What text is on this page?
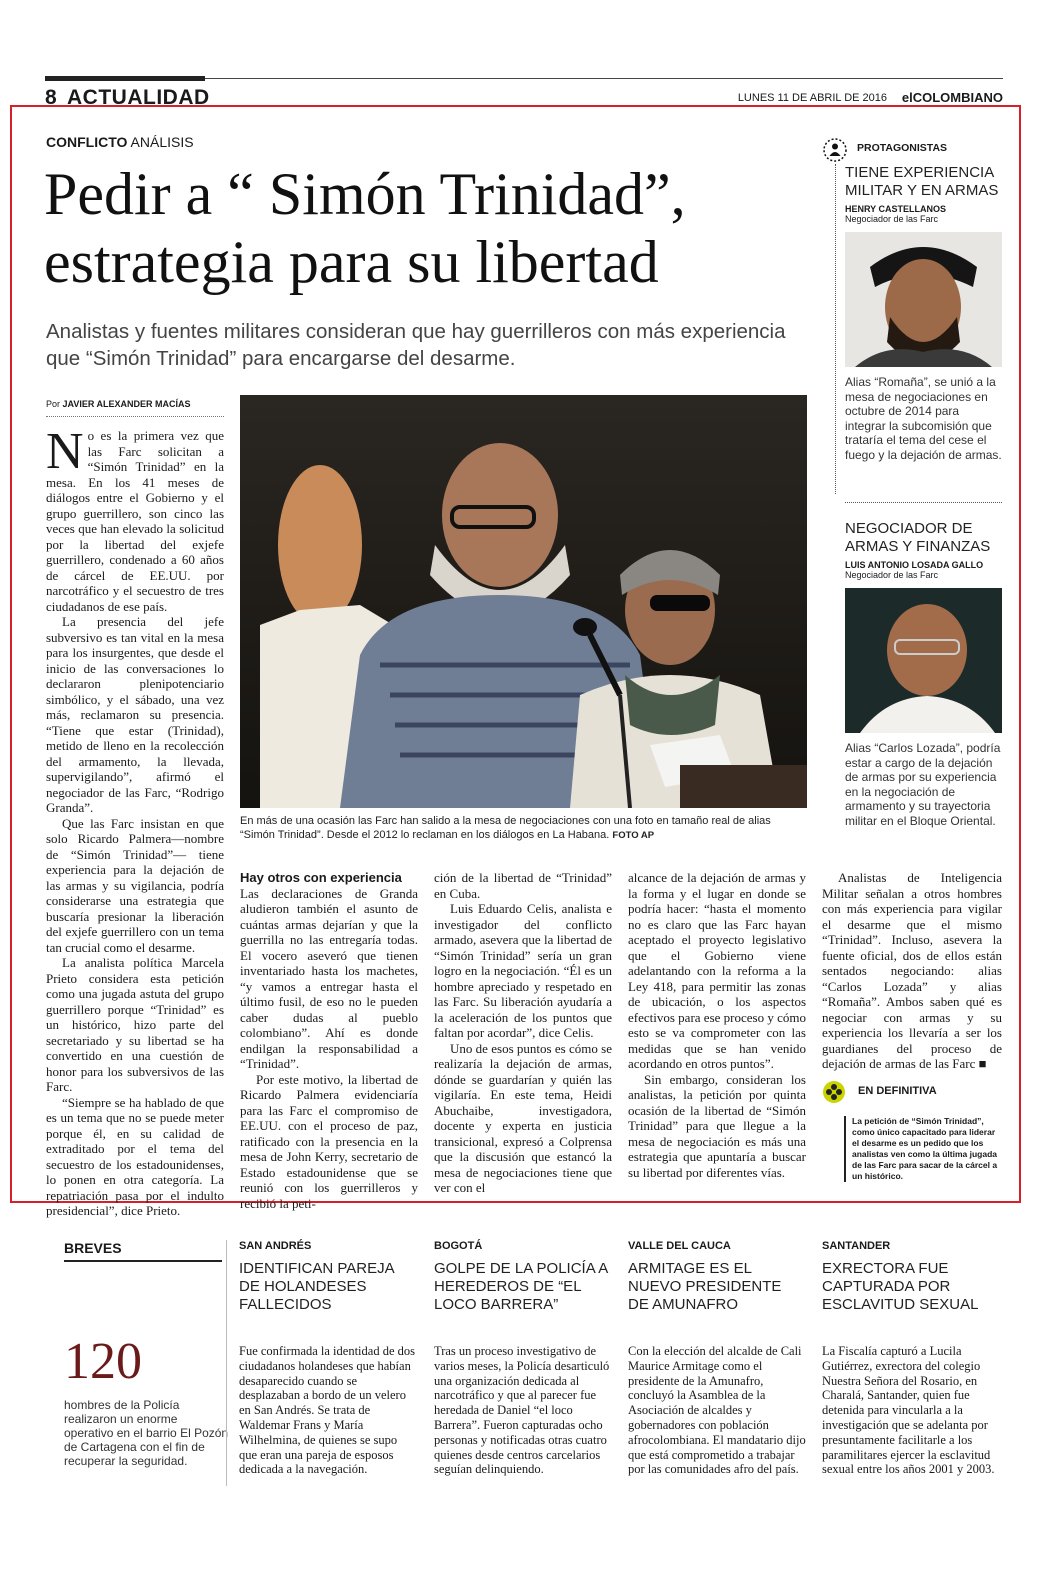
8 ACTUALIDAD	LUNES 11 DE ABRIL DE 2016 elCOLOMBIANO
CONFLICTO ANÁLISIS
Pedir a “ Simón Trinidad”,
estrategia para su libertad

Analistas y fuentes militares consideran que hay guerrilleros con más experiencia que “Simón Trinidad” para encargarse del desarme.

Por JAVIER ALEXANDER MACÍAS
N o es la primera vez que las Farc solicitan a “Simón Trinidad” en la mesa. En los 41 meses de diálogos entre el Gobierno y el grupo guerrillero, son cinco las veces que han elevado la solicitud por la libertad del exjefe guerrillero, condenado a 60 años de cárcel de EE.UU. por narcotráfico y el secuestro de tres ciudadanos de ese país.

La presencia del jefe subversivo es tan vital en la mesa para los insurgentes, que desde el inicio de las conversaciones lo declararon plenipotenciario simbólico, y el sábado, una vez más, reclamaron su presencia. “Tiene que estar (Trinidad), metido de lleno en la recolección del armamento, la llevada, supervigilando”, afirmó el negociador de las Farc, “Rodrigo Granda”.

Que las Farc insistan en que solo Ricardo Palmera—nombre de “Simón Trinidad”— tiene experiencia para la dejación de las armas y su vigilancia, podría considerarse una estrategia que buscaría presionar la liberación del exjefe guerrillero con un tema tan crucial como el desarme.

La analista política Marcela Prieto considera esta petición como una jugada astuta del grupo guerrillero porque “Trinidad” es un histórico, hizo parte del secretariado y su libertad se ha convertido en una cuestión de honor para los subversivos de las Farc.

“Siempre se ha hablado de que es un tema que no se puede meter porque él, en su calidad de extraditado por el tema del secuestro de los estadounidenses, lo ponen en otra categoría. La repatriación pasa por el indulto presidencial”, dice Prieto.

En más de una ocasión las Farc han salido a la mesa de negociaciones con una foto en tamaño real de alias “Simón Trinidad”. Desde el 2012 lo reclaman en los diálogos en La Habana. FOTO AP

Hay otros con experiencia

Las declaraciones de Granda aludieron también el asunto de cuántas armas dejarían y que la guerrilla no las entregaría todas. El vocero aseveró que tienen inventariado hasta los machetes, “y vamos a entregar hasta el último fusil, de eso no le pueden caber dudas al pueblo colombiano”. Ahí es donde endilgan la responsabilidad a “Trinidad”.

Por este motivo, la libertad de Ricardo Palmera evidenciaría para las Farc el compromiso de EE.UU. con el proceso de paz, ratificado con la presencia en la mesa de John Kerry, secretario de Estado estadounidense que se reunió con los guerrilleros y recibió la peti-

ción de la libertad de “Trinidad” en Cuba.

Luis Eduardo Celis, analista e investigador del conflicto armado, asevera que la libertad de “Simón Trinidad” sería un gran logro en la negociación. “Él es un hombre apreciado y respetado en las Farc. Su liberación ayudaría a la aceleración de los puntos que faltan por acordar”, dice Celis.

Uno de esos puntos es cómo se realizaría la dejación de armas, dónde se guardarían y quién las vigilaría. En este tema, Heidi Abuchaibe, investigadora, docente y experta en justicia transicional, expresó a Colprensa que la discusión que estancó la mesa de negociaciones tiene que ver con el

alcance de la dejación de armas y la forma y el lugar en donde se podría hacer: “hasta el momento no es claro que las Farc hayan aceptado el proyecto legislativo que el Gobierno viene adelantando con la reforma a la Ley 418, para permitir las zonas de ubicación, o los aspectos efectivos para ese proceso y cómo esto se va comprometer con las medidas que se han venido acordando en otros puntos”.

Sin embargo, consideran los analistas, la petición por quinta ocasión de la libertad de “Simón Trinidad” para que llegue a la mesa de negociación es más una estrategia que apuntaría a buscar su libertad por diferentes vías.

Analistas de Inteligencia Militar señalan a otros hombres con más experiencia para vigilar el desarme que el mismo “Trinidad”. Incluso, asevera la fuente oficial, dos de ellos están sentados negociando: alias “Carlos Lozada” y alias “Romaña”. Ambos saben qué es negociar con armas y su experiencia los llevaría a ser los guardianes del proceso de dejación de armas de las Farc ■

PROTAGONISTAS
TIENE EXPERIENCIA MILITAR Y EN ARMAS
HENRY CASTELLANOS
Negociador de las Farc
Alias “Romaña”, se unió a la mesa de negociaciones en octubre de 2014 para integrar la subcomisión que trataría el tema del cese el fuego y la dejación de armas.
NEGOCIADOR DE ARMAS Y FINANZAS
LUIS ANTONIO LOSADA GALLO
Negociador de las Farc
Alias “Carlos Lozada”, podría estar a cargo de la dejación de armas por su experiencia en la negociación de armamento y su trayectoria militar en el Bloque Oriental.
EN DEFINITIVA

La petición de “Simón Trinidad”, como único capacitado para liderar el desarme es un pedido que los analistas ven como la última jugada de las Farc para sacar de la cárcel a un histórico.

BREVES
120

hombres de la Policía realizaron un enorme operativo en el barrio El Pozón de Cartagena con el fin de recuperar la seguridad.

SAN ANDRÉS
IDENTIFICAN PAREJA DE HOLANDESES FALLECIDOS

Fue confirmada la identidad de dos ciudadanos holandeses que habían desaparecido cuando se desplazaban a bordo de un velero en San Andrés. Se trata de Waldemar Frans y María Wilhelmina, de quienes se supo que eran una pareja de esposos dedicada a la navegación.

BOGOTÁ
GOLPE DE LA POLICÍA A HEREDEROS DE “EL LOCO BARRERA”

Tras un proceso investigativo de varios meses, la Policía desarticuló una organización dedicada al narcotráfico y que al parecer fue heredada de Daniel “el loco Barrera”. Fueron capturadas ocho personas y notificadas otras cuatro quienes desde centros carcelarios seguían delinquiendo.

VALLE DEL CAUCA
ARMITAGE ES EL NUEVO PRESIDENTE DE AMUNAFRO

Con la elección del alcalde de Cali Maurice Armitage como el presidente de la Amunafro, concluyó la Asamblea de la Asociación de alcaldes y gobernadores con población afrocolombiana. El mandatario dijo que está comprometido a trabajar por las comunidades afro del país.

SANTANDER
EXRECTORA FUE CAPTURADA POR ESCLAVITUD SEXUAL

La Fiscalía capturó a Lucila Gutiérrez, exrectora del colegio Nuestra Señora del Rosario, en Charalá, Santander, quien fue detenida para vincularla a la investigación que se adelanta por presuntamente facilitarle a los paramilitares ejercer la esclavitud sexual entre los años 2001 y 2003.
